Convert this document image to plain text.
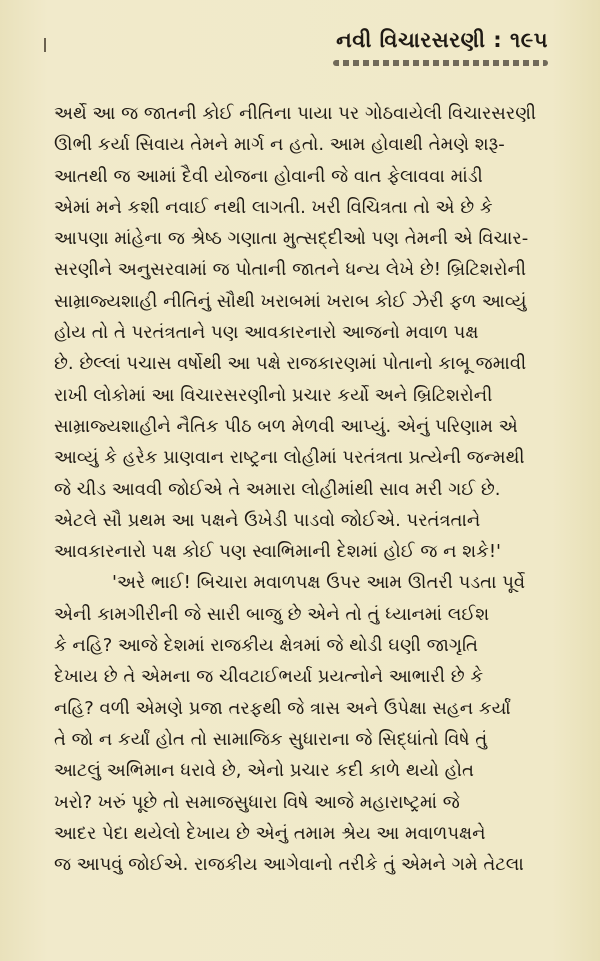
નવી વિચારસરણી : ૧૯૫
અર્થે આ જ જાતની કોઈ નીતિના પાયા પર ગોઠવાયેલી વિચારસરણી
ઊભી કર્યા સિવાય તેમને માર્ગ ન હતો. આમ હોવાથી તેમણે શરૂ-
આતથી જ આમાં દૈવી યોજના હોવાની જે વાત ફેલાવવા માંડી
એમાં મને કશી નવાઈ નથી લાગતી. ખરી વિચિત્રતા તો એ છે કે
આપણા માંહેના જ શ્રેષ્ઠ ગણાતા મુત્સદ્દીઓ પણ તેમની એ વિચાર-
સરણીને અનુસરવામાં જ પોતાની જાતને ધન્ય લેખે છે! બ્રિટિશરોની
સામ્રાજ્યશાહી નીતિનું સૌથી ખરાબમાં ખરાબ કોઈ ઝેરી ફળ આવ્યું
હોય તો તે પરતંત્રતાને પણ આવકારનારો આજનો મવાળ પક્ષ
છે. છેલ્લાં પચાસ વર્ષોથી આ પક્ષે રાજકારણમાં પોતાનો કાબૂ જમાવી
રાખી લોકોમાં આ વિચારસરણીનો પ્રચાર કર્યો અને બ્રિટિશરોની
સામ્રાજ્યશાહીને નૈતિક પીઠ બળ મેળવી આપ્યું. એનું પરિણામ એ
આવ્યું કે હરેક પ્રાણવાન રાષ્ટ્રના લોહીમાં પરતંત્રતા પ્રત્યેની જન્મથી
જે ચીડ આવવી જોઈએ તે અમારા લોહીમાંથી સાવ મરી ગઈ છે.
એટલે સૌ પ્રથમ આ પક્ષને ઉખેડી પાડવો જોઈએ. પરતંત્રતાને
આવકારનારો પક્ષ કોઈ પણ સ્વાભિમાની દેશમાં હોઈ જ ન શકે!'
'અરે ભાઈ! બિચારા મવાળપક્ષ ઉપર આમ ઊતરી પડતા પૂર્વે
એની કામગીરીની જે સારી બાજુ છે એને તો તું ધ્યાનમાં લઈશ
કે નહિ? આજે દેશમાં રાજકીય ક્ષેત્રમાં જે થોડી ઘણી જાગૃતિ
દેખાય છે તે એમના જ ચીવટાઈભર્યા પ્રયત્નોને આભારી છે કે
નહિ? વળી એમણે પ્રજા તરફથી જે ત્રાસ અને ઉપેક્ષા સહન કર્યાં
તે જો ન કર્યાં હોત તો સામાજિક સુધારાના જે સિદ્ધાંતો વિષે તું
આટલું અભિમાન ધરાવે છે, એનો પ્રચાર કદી કાળે થયો હોત
ખરો? ખરું પૂછે તો સમાજસુધારા વિષે આજે મહારાષ્ટ્રમાં જે
આદર પેદા થયેલો દેખાય છે એનું તમામ શ્રેય આ મવાળપક્ષને
જ આપવું જોઈએ. રાજકીય આગેવાનો તરીકે તું એમને ગમે તેટલા
